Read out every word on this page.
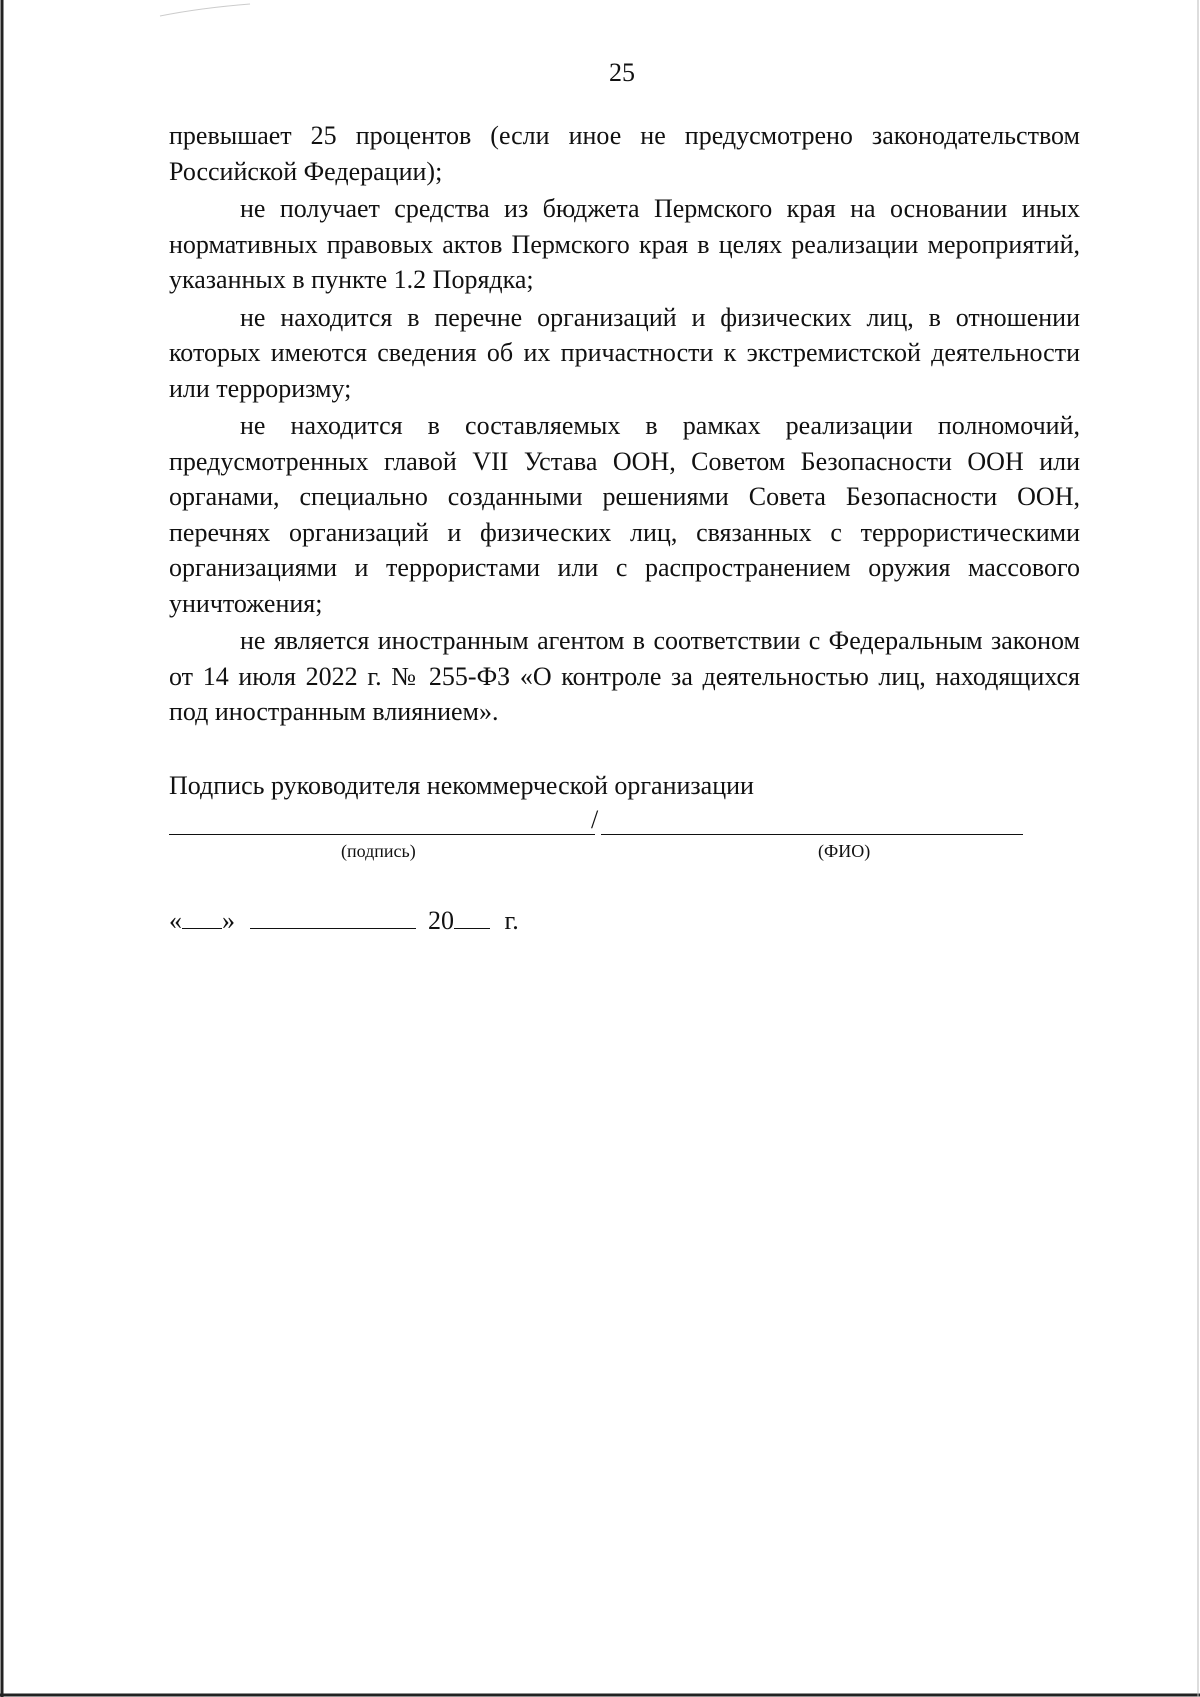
25

превышает 25 процентов (если иное не предусмотрено законодательством Российской Федерации);

не получает средства из бюджета Пермского края на основании иных нормативных правовых актов Пермского края в целях реализации мероприятий, указанных в пункте 1.2 Порядка;

не находится в перечне организаций и физических лиц, в отношении которых имеются сведения об их причастности к экстремистской деятельности или терроризму;

не находится в составляемых в рамках реализации полномочий, предусмотренных главой VII Устава ООН, Советом Безопасности ООН или органами, специально созданными решениями Совета Безопасности ООН, перечнях организаций и физических лиц, связанных с террористическими организациями и террористами или с распространением оружия массового уничтожения;

не является иностранным агентом в соответствии с Федеральным законом от 14 июля 2022 г. № 255-ФЗ «О контроле за деятельностью лиц, находящихся под иностранным влиянием».

Подпись руководителя некоммерческой организации
/
(подпись)	(ФИО)
« »	20 г.
